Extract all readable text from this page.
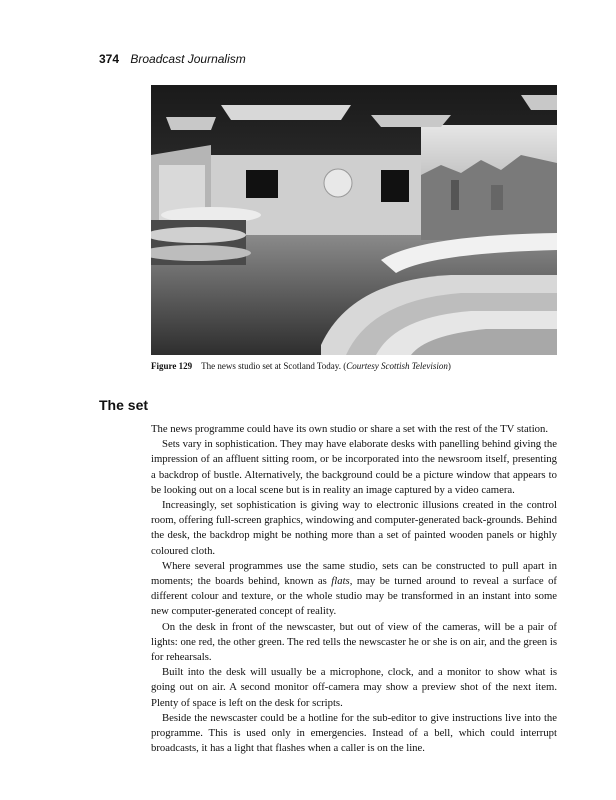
374 Broadcast Journalism
Figure 129 The news studio set at Scotland Today. (Courtesy Scottish Television)
The set

The news programme could have its own studio or share a set with the rest of the TV station.

Sets vary in sophistication. They may have elaborate desks with panelling behind giving the impression of an affluent sitting room, or be incorporated into the newsroom itself, presenting a backdrop of bustle. Alternatively, the background could be a picture window that appears to be looking out on a local scene but is in reality an image captured by a video camera.

Increasingly, set sophistication is giving way to electronic illusions created in the control room, offering full-screen graphics, windowing and computer-generated back-grounds. Behind the desk, the backdrop might be nothing more than a set of painted wooden panels or highly coloured cloth.

Where several programmes use the same studio, sets can be constructed to pull apart in moments; the boards behind, known as flats, may be turned around to reveal a surface of different colour and texture, or the whole studio may be transformed in an instant into some new computer-generated concept of reality.

On the desk in front of the newscaster, but out of view of the cameras, will be a pair of lights: one red, the other green. The red tells the newscaster he or she is on air, and the green is for rehearsals.

Built into the desk will usually be a microphone, clock, and a monitor to show what is going out on air. A second monitor off-camera may show a preview shot of the next item. Plenty of space is left on the desk for scripts.

Beside the newscaster could be a hotline for the sub-editor to give instructions live into the programme. This is used only in emergencies. Instead of a bell, which could interrupt broadcasts, it has a light that flashes when a caller is on the line.
